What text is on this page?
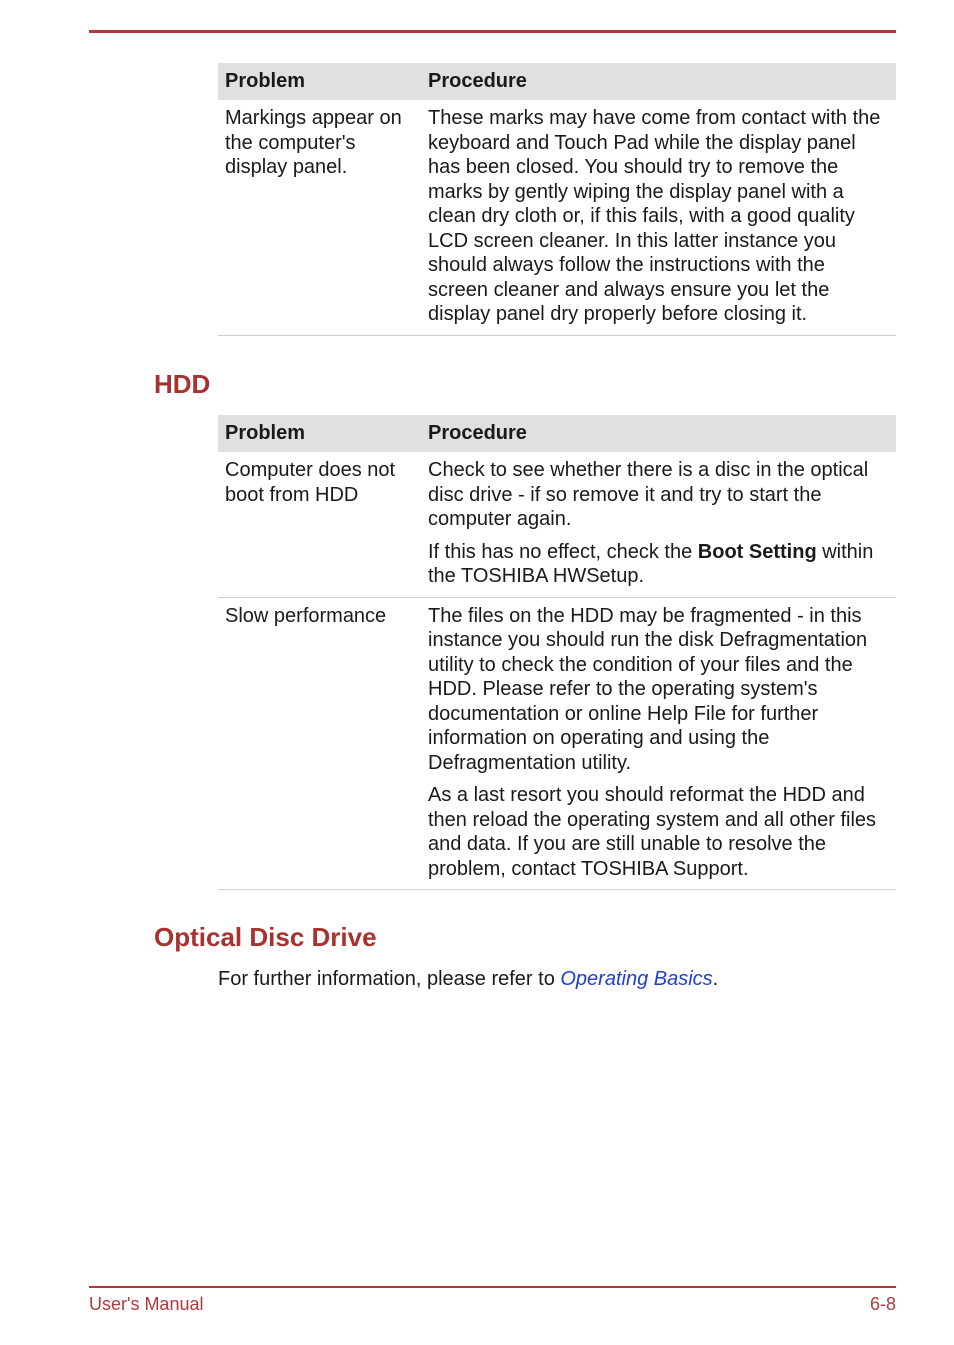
Problem	Procedure
Markings appear on the computer's display panel.	These marks may have come from contact with the keyboard and Touch Pad while the display panel has been closed. You should try to remove the marks by gently wiping the display panel with a clean dry cloth or, if this fails, with a good quality LCD screen cleaner. In this latter instance you should always follow the instructions with the screen cleaner and always ensure you let the display panel dry properly before closing it.

HDD
Problem	Procedure
Computer does not boot from HDD	Check to see whether there is a disc in the optical disc drive - if so remove it and try to start the computer again.

If this has no effect, check the Boot Setting within the TOSHIBA HWSetup.

Slow performance	The files on the HDD may be fragmented - in this instance you should run the disk Defragmentation utility to check the condition of your files and the HDD. Please refer to the operating system's documentation or online Help File for further information on operating and using the Defragmentation utility.

As a last resort you should reformat the HDD and then reload the operating system and all other files and data. If you are still unable to resolve the problem, contact TOSHIBA Support.

Optical Disc Drive

For further information, please refer to Operating Basics.

User's Manual	6-8
